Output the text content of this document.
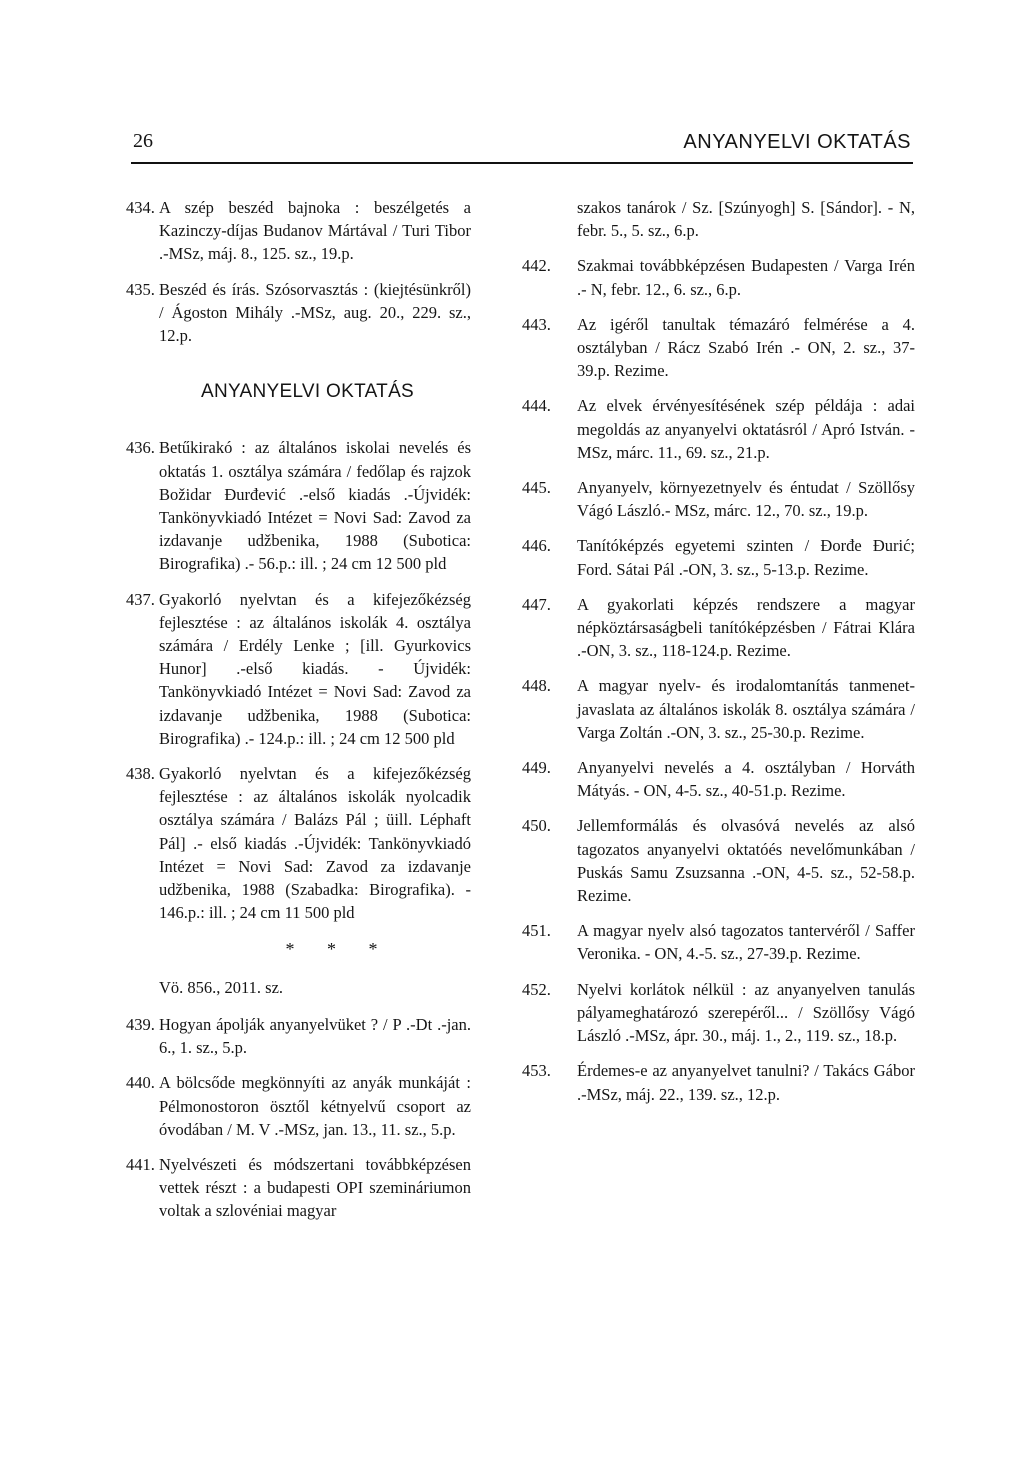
26	ANYANYELVI OKTATÁS
434. A szép beszéd bajnoka : beszélgetés a Kazinczy-díjas Budanov Mártával / Turi Tibor .-MSz, máj. 8., 125. sz., 19.p.
435. Beszéd és írás. Szósorvasztás : (kiejtésünkről) / Ágoston Mihály .-MSz, aug. 20., 229. sz., 12.p.
ANYANYELVI OKTATÁS
436. Betűkirakó : az általános iskolai nevelés és oktatás 1. osztálya számára / fedőlap és rajzok Božidar Đurđević .-első kiadás .-Újvidék: Tankönyvkiadó Intézet = Novi Sad: Zavod za izdavanje udžbenika, 1988 (Subotica: Birografika) .- 56.p.: ill. ; 24 cm 12 500 pld
437. Gyakorló nyelvtan és a kifejezőkézség fejlesztése : az általános iskolák 4. osztálya számára / Erdély Lenke ; [ill. Gyurkovics Hunor] .-első kiadás. - Újvidék: Tankönyvkiadó Intézet = Novi Sad: Zavod za izdavanje udžbenika, 1988 (Subotica: Birografika) .- 124.p.: ill. ; 24 cm 12 500 pld
438. Gyakorló nyelvtan és a kifejezőkézség fejlesztése : az általános iskolák nyolcadik osztálya számára / Balázs Pál ; üill. Léphaft Pál] .- első kiadás .-Újvidék: Tankönyvkiadó Intézet = Novi Sad: Zavod za izdavanje udžbenika, 1988 (Szabadka: Birografika). - 146.p.: ill. ; 24 cm 11 500 pld
* * *
Vö. 856., 2011. sz.
439. Hogyan ápolják anyanyelvüket ? / P .-Dt .-jan. 6., 1. sz., 5.p.
440. A bölcsőde megkönnyíti az anyák munkáját : Pélmonostoron ösztől kétnyelvű csoport az óvodában / M. V .-MSz, jan. 13., 11. sz., 5.p.
441. Nyelvészeti és módszertani továbbképzésen vettek részt : a budapesti OPI szemináriumon voltak a szlovéniai magyar
szakos tanárok / Sz. [Szúnyogh] S. [Sándor]. - N, febr. 5., 5. sz., 6.p.
442.	Szakmai továbbképzésen Budapesten / Varga Irén .- N, febr. 12., 6. sz., 6.p.
443.	Az igéről tanultak témazáró felmérése a 4. osztályban / Rácz Szabó Irén .- ON, 2. sz., 37-39.p. Rezime.
444.	Az elvek érvényesítésének szép példája : adai megoldás az anyanyelvi oktatásról / Apró István. - MSz, márc. 11., 69. sz., 21.p.
445.	Anyanyelv, környezetnyelv és éntudat / Szöllősy Vágó László.- MSz, márc. 12., 70. sz., 19.p.
446.	Tanítóképzés egyetemi szinten / Đorđe Đurić; Ford. Sátai Pál .-ON, 3. sz., 5-13.p. Rezime.
447.	A gyakorlati képzés rendszere a magyar népköztársaságbeli tanítóképzésben / Fátrai Klára .-ON, 3. sz., 118-124.p. Rezime.
448.	A magyar nyelv- és irodalomtanítás tanmenet-javaslata az általános iskolák 8. osztálya számára / Varga Zoltán .-ON, 3. sz., 25-30.p. Rezime.
449.	Anyanyelvi nevelés a 4. osztályban / Horváth Mátyás. - ON, 4-5. sz., 40-51.p. Rezime.
450.	Jellemformálás és olvasóvá nevelés az alsó tagozatos anyanyelvi oktatóés nevelőmunkában / Puskás Samu Zsuzsanna .-ON, 4-5. sz., 52-58.p. Rezime.
451.	A magyar nyelv alsó tagozatos tantervéről / Saffer Veronika. - ON, 4.-5. sz., 27-39.p. Rezime.
452.	Nyelvi korlátok nélkül : az anyanyelven tanulás pályameghatározó szerepéről... / Szöllősy Vágó László .-MSz, ápr. 30., máj. 1., 2., 119. sz., 18.p.
453.	Érdemes-e az anyanyelvet tanulni? / Takács Gábor .-MSz, máj. 22., 139. sz., 12.p.
